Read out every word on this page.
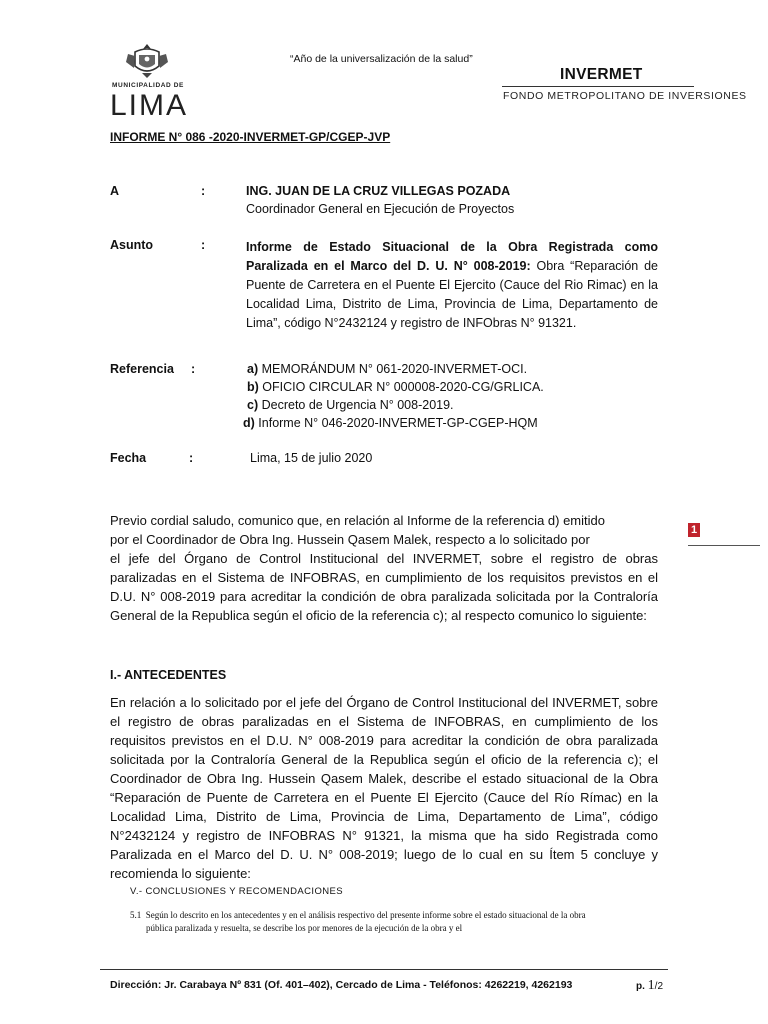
MUNICIPALIDAD DE
LIMA
“Año de la universalización de la salud”
INVERMET
FONDO METROPOLITANO DE INVERSIONES
INFORME N° 086 -2020-INVERMET-GP/CGEP-JVP
A	:	ING. JUAN DE LA CRUZ VILLEGAS POZADA
Coordinador General en Ejecución de Proyectos
Asunto	:	Informe de Estado Situacional de la Obra Registrada como Paralizada en el Marco del D. U. N° 008-2019: Obra “Reparación de Puente de Carretera en el Puente El Ejercito (Cauce del Rio Rimac) en la Localidad Lima, Distrito de Lima, Provincia de Lima, Departamento de Lima”, código N°2432124 y registro de INFObras N° 91321.
Referencia :	a) MEMORÁNDUM N° 061-2020-INVERMET-OCI.
b) OFICIO CIRCULAR N° 000008-2020-CG/GRLICA.
c) Decreto de Urgencia N° 008-2019.
d) Informe N° 046-2020-INVERMET-GP-CGEP-HQM
Fecha	:	Lima, 15 de julio 2020
Previo cordial saludo, comunico que, en relación al Informe de la referencia d) emitido
por el Coordinador de Obra Ing. Hussein Qasem Malek, respecto a lo solicitado por
el jefe del Órgano de Control Institucional del INVERMET, sobre el registro de obras paralizadas en el Sistema de INFOBRAS, en cumplimiento de los requisitos previstos en el D.U. N° 008-2019 para acreditar la condición de obra paralizada solicitada por la Contraloría General de la Republica según el oficio de la referencia c); al respecto comunico lo siguiente:
1
I.- ANTECEDENTES
En relación a lo solicitado por el jefe del Órgano de Control Institucional del INVERMET, sobre el registro de obras paralizadas en el Sistema de INFOBRAS, en cumplimiento de los requisitos previstos en el D.U. N° 008-2019 para acreditar la condición de obra paralizada solicitada por la Contraloría General de la Republica según el oficio de la referencia c); el Coordinador de Obra Ing. Hussein Qasem Malek, describe el estado situacional de la Obra “Reparación de Puente de Carretera en el Puente El Ejercito (Cauce del Río Rímac) en la Localidad Lima, Distrito de Lima, Provincia de Lima, Departamento de Lima”, código N°2432124 y registro de INFOBRAS N° 91321, la misma que ha sido Registrada como Paralizada en el Marco del D. U. N° 008-2019; luego de lo cual en su Ítem 5 concluye y recomienda lo siguiente:
V.- CONCLUSIONES Y RECOMENDACIONES
5.1 Según lo descrito en los antecedentes y en el análisis respectivo del presente informe sobre el estado situacional de la obra
pública paralizada y resuelta, se describe los por menores de la ejecución de la obra y el
Dirección: Jr. Carabaya Nº 831 (Of. 401–402), Cercado de Lima - Teléfonos: 4262219, 4262193	p. 1/2
